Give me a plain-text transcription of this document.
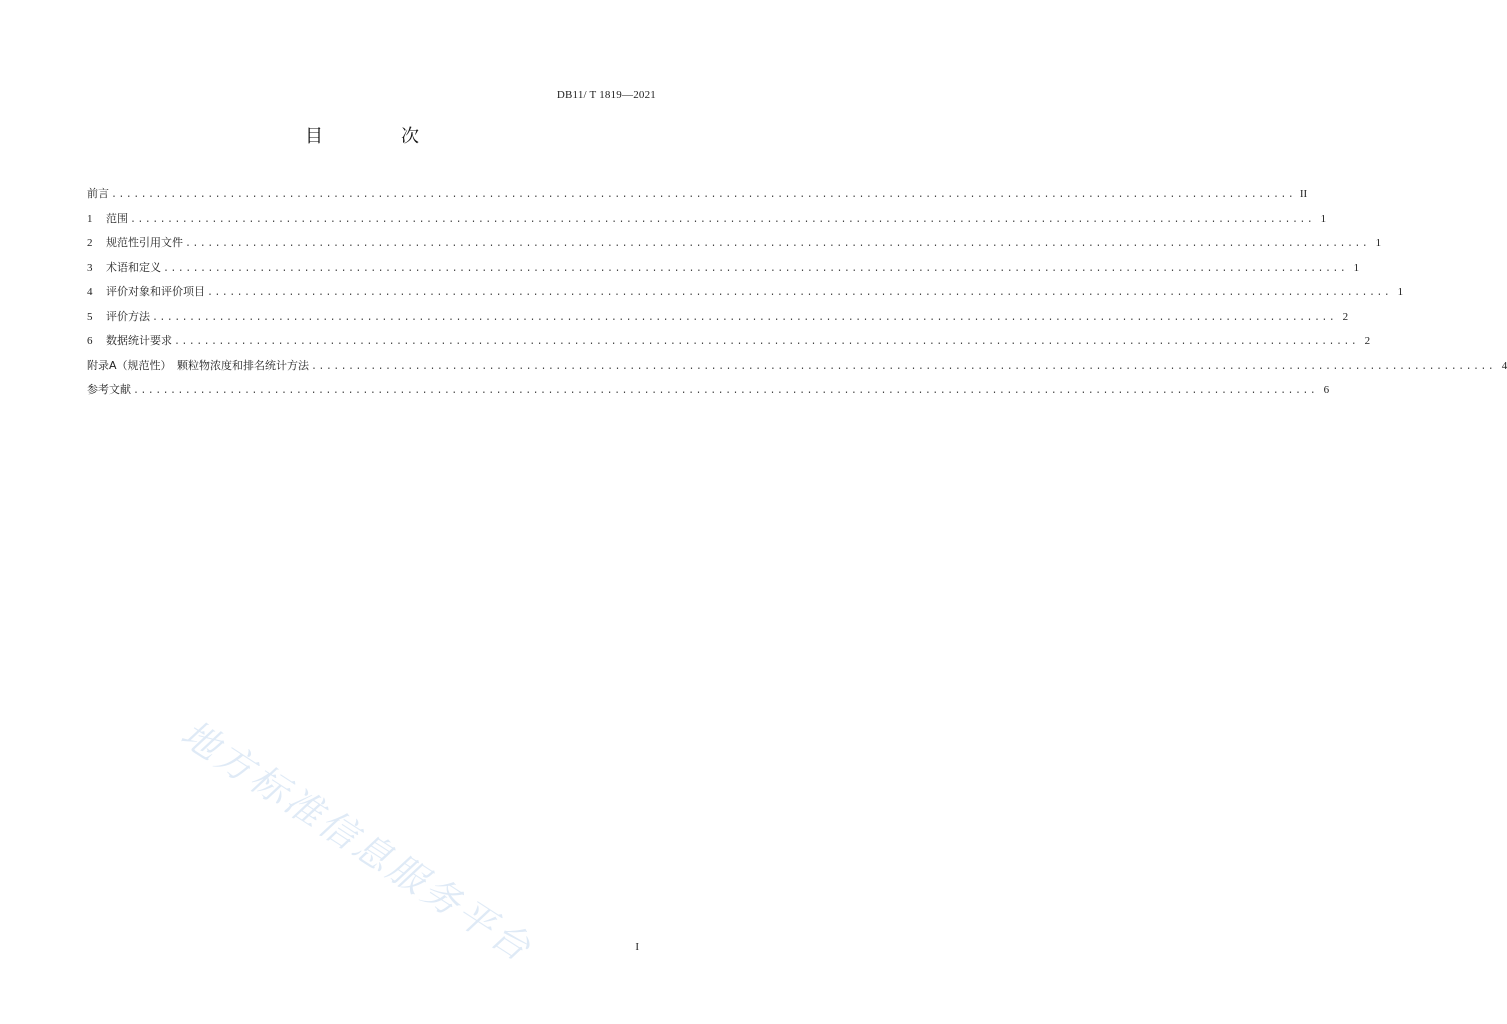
DB11/ T 1819—2021
目　次
前言 ................................................................................................................................................................ II
1	范围 ................................................................................................................................................................ 1
2	规范性引用文件 ................................................................................................................................................................ 1
3	术语和定义 ................................................................................................................................................................ 1
4	评价对象和评价项目 ................................................................................................................................................................ 1
5	评价方法 ................................................................................................................................................................ 2
6	数据统计要求 ................................................................................................................................................................ 2
附录A（规范性）　颗粒物浓度和排名统计方法 ................................................................................................................................................................ 4
参考文献 ................................................................................................................................................................ 6
地方标准信息服务平台	I
